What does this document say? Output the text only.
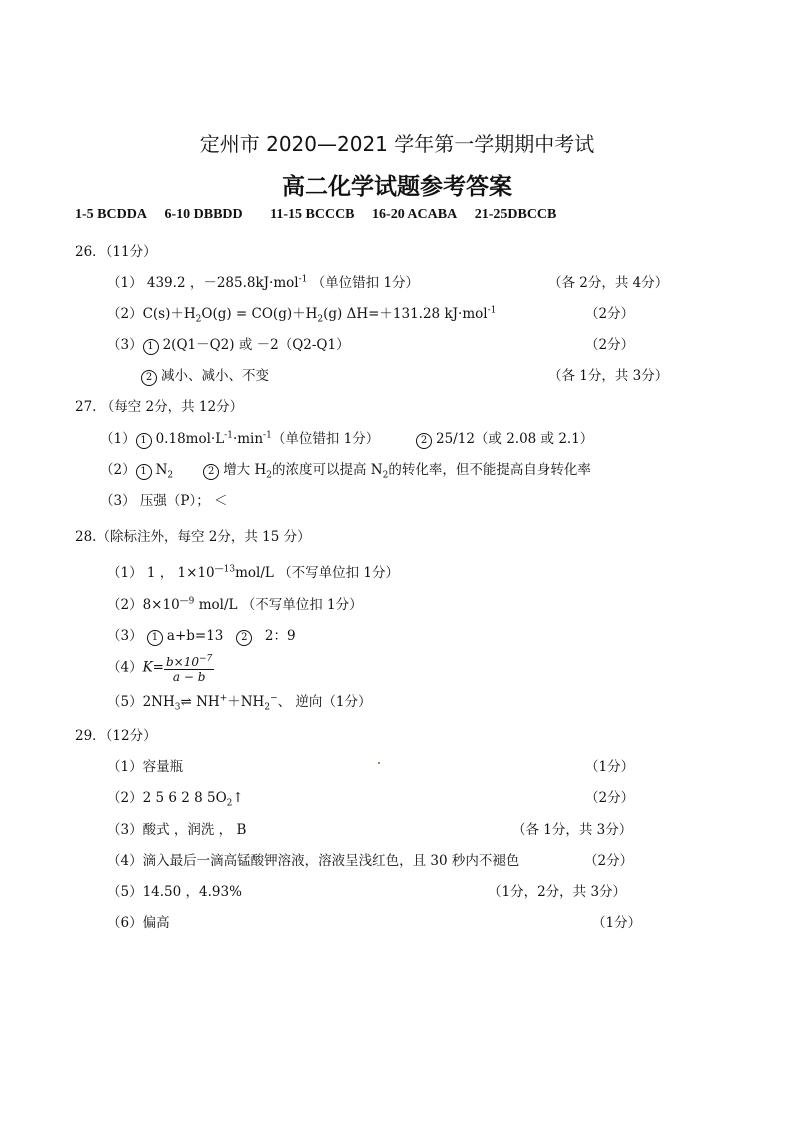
定州市 2020—2021 学年第一学期期中考试
高二化学试题参考答案
1-5 BCDDA 6-10 DBBDD 11-15 BCCCB 16-20 ACABA 21-25DBCCB
26．（11分）
（1） 439.2 ，－285.8kJ·mol$^{-1}$ （单位错扣 1分）	（各 2分，共 4分）
$(2)C(s)+H_2O(g) = CO(g)+H_2(g)$ ΔH=＋131.28 kJ·mol$^{-1}$	（2分）
（3） 1 2(Q1－Q2) 或 －2（Q2-Q1）	（2分）
2 减小、减小、不变	（各 1分，共 3分）
27. （每空 2分，共 12分）
（1） 1 $0.18mol\cdot L^{-1}\cdot\min^{-1}$（单位错扣 1分）	2 25/12（或 2.08 或 2.1）
（2） 1 $N_2$	2 增大 $H_2$的浓度可以提高 $N_2$的转化率，但不能提高自身转化率
（3） 压强（P）； ＜
28.（除标注外，每空 2分，共 15 分）
（1） 1 ， $1\times 10^{—13}mol/L$ （不写单位扣 1分）
$(2)8\times 10^{—9}$ mol/L （不写单位扣 1分）
（3） 1 a+b=13 2 2：9
$(4)K= \frac{b\times 10^{-7}}{a - b}$
$(5)2NH_3\rightleftharpoons$ $NH^++NH_2^-$、 逆向（1分）
29．（12分）
（1）容量瓶	（1分）
（2）2 5 6 2 8 $5O_2↑$	（2分）
（3）酸式 ，润洗 ， B	（各 1分，共 3分）
（4）滴入最后一滴高锰酸钾溶液，溶液呈浅红色，且 30 秒内不褪色	（2分）
（5）14.50 ，4.93%	（1分，2分，共 3分）
（6）偏高	（1分）
